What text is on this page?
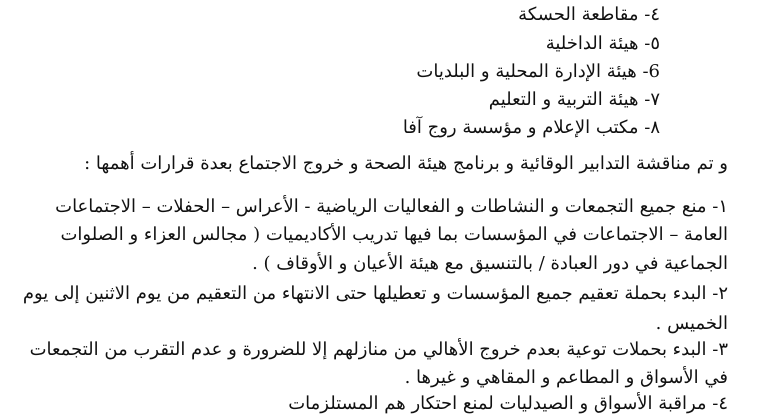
٤- مقاطعة الحسكة
٥- هيئة الداخلية
6- هيئة الإدارة المحلية و البلديات
٧- هيئة التربية و التعليم
٨- مكتب الإعلام و مؤسسة روج آفا
و تم مناقشة التدابير الوقائية و برنامج هيئة الصحة و خروج الاجتماع بعدة قرارات أهمها :
١- منع جميع التجمعات و النشاطات و الفعاليات الرياضية - الأعراس – الحفلات – الاجتماعات
العامة – الاجتماعات في المؤسسات بما فيها تدريب الأكاديميات ( مجالس العزاء و الصلوات
الجماعية في دور العبادة / بالتنسيق مع هيئة الأعيان و الأوقاف ) .
٢- البدء بحملة تعقيم جميع المؤسسات و تعطيلها حتى الانتهاء من التعقيم من يوم الاثنين إلى يوم
الخميس .
٣- البدء بحملات توعية بعدم خروج الأهالي من منازلهم إلا للضرورة و عدم التقرب من التجمعات
في الأسواق و المطاعم و المقاهي و غيرها .
٤- مراقبة الأسواق و الصيدليات لمنع احتكار هم المستلزمات
